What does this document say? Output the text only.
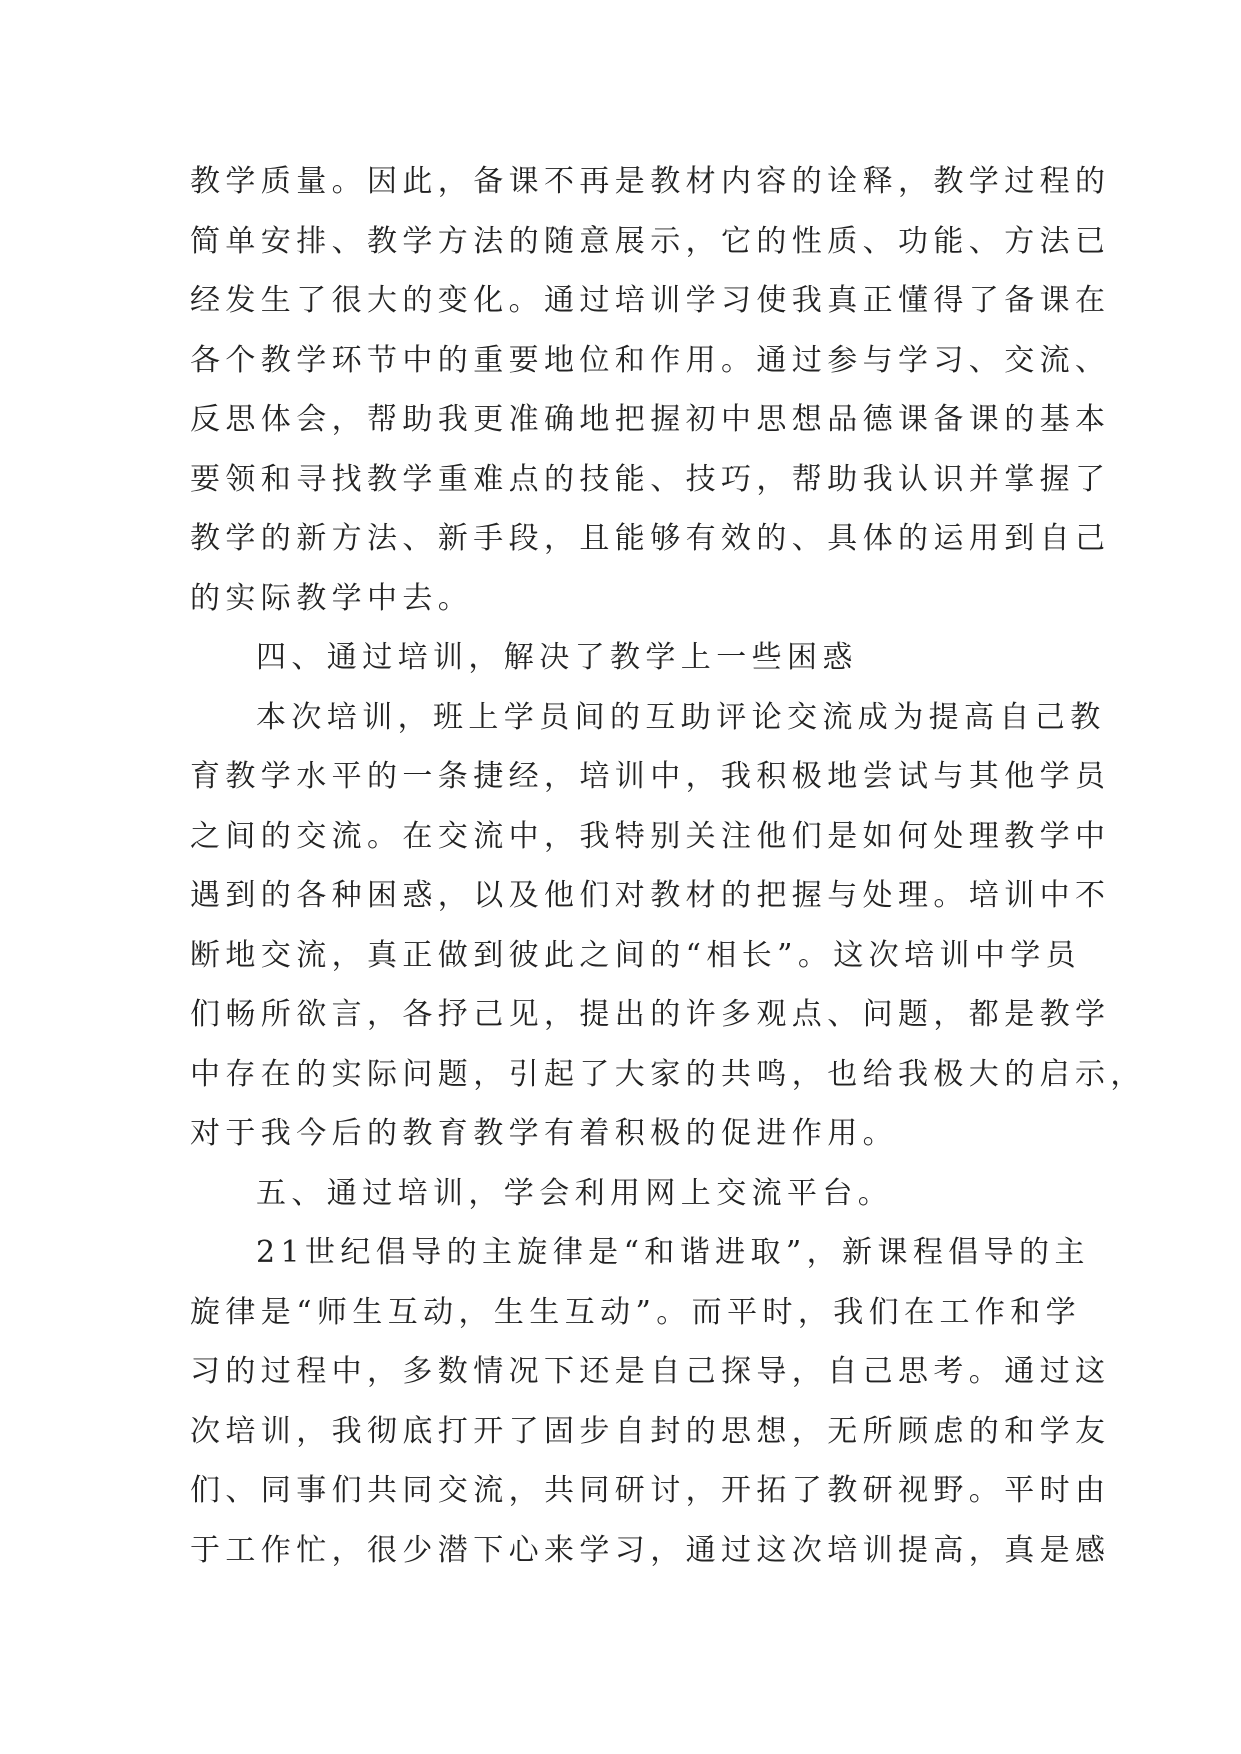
教学质量。因此，备课不再是教材内容的诠释，教学过程的
简单安排、教学方法的随意展示，它的性质、功能、方法已
经发生了很大的变化。通过培训学习使我真正懂得了备课在
各个教学环节中的重要地位和作用。通过参与学习、交流、
反思体会，帮助我更准确地把握初中思想品德课备课的基本
要领和寻找教学重难点的技能、技巧，帮助我认识并掌握了
教学的新方法、新手段，且能够有效的、具体的运用到自己
的实际教学中去。
四、通过培训，解决了教学上一些困惑
本次培训，班上学员间的互助评论交流成为提高自己教
育教学水平的一条捷经，培训中，我积极地尝试与其他学员
之间的交流。在交流中，我特别关注他们是如何处理教学中
遇到的各种困惑，以及他们对教材的把握与处理。培训中不
断地交流，真正做到彼此之间的“相长”。这次培训中学员
们畅所欲言，各抒己见，提出的许多观点、问题，都是教学
中存在的实际问题，引起了大家的共鸣，也给我极大的启示，
对于我今后的教育教学有着积极的促进作用。
五、通过培训，学会利用网上交流平台。
21世纪倡导的主旋律是“和谐进取”，新课程倡导的主
旋律是“师生互动，生生互动”。而平时，我们在工作和学
习的过程中，多数情况下还是自己探导，自己思考。通过这
次培训，我彻底打开了固步自封的思想，无所顾虑的和学友
们、同事们共同交流，共同研讨，开拓了教研视野。平时由
于工作忙，很少潜下心来学习，通过这次培训提高，真是感
